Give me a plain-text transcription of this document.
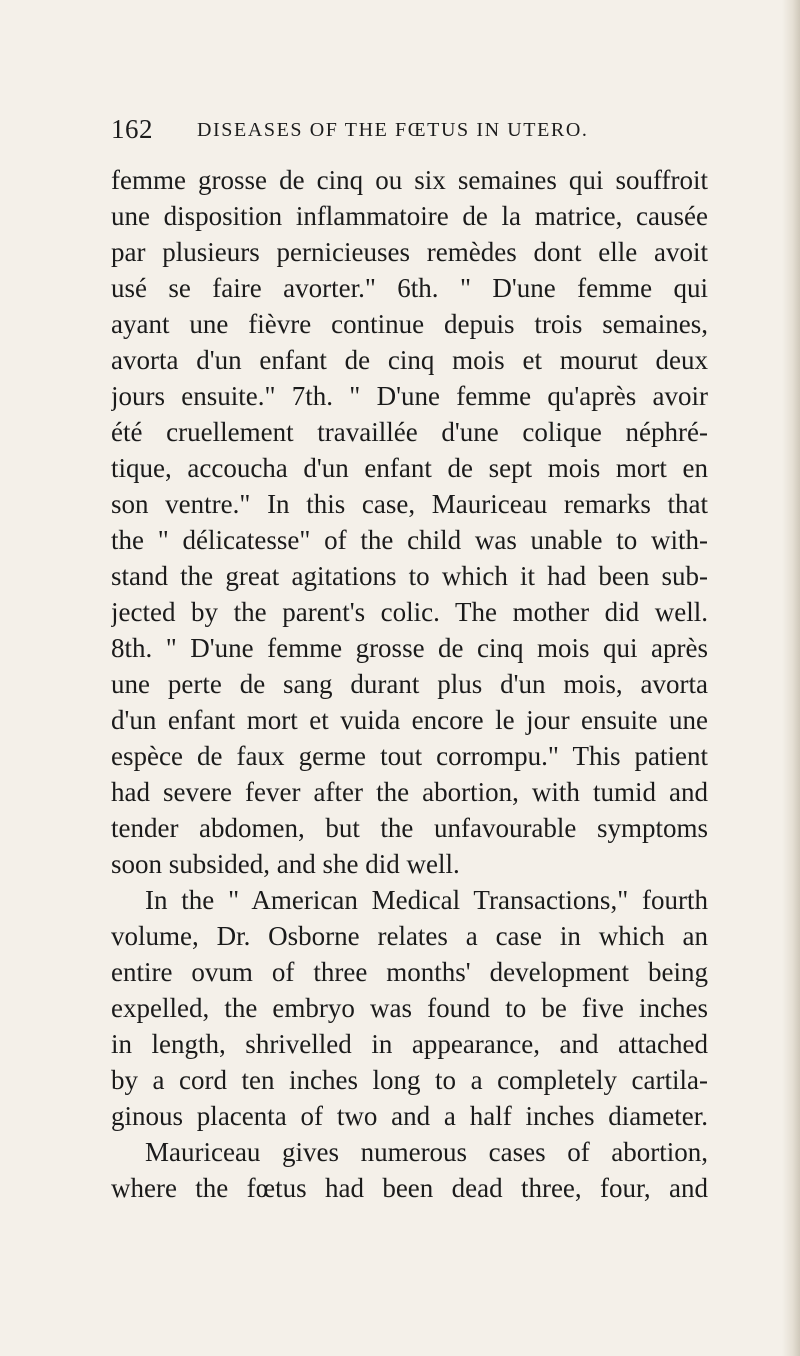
162 DISEASES OF THE FŒTUS IN UTERO.
femme grosse de cinq ou six semaines qui souffroit
une disposition inflammatoire de la matrice, causée
par plusieurs pernicieuses remèdes dont elle avoit
usé se faire avorter." 6th. " D'une femme qui
ayant une fièvre continue depuis trois semaines,
avorta d'un enfant de cinq mois et mourut deux
jours ensuite." 7th. " D'une femme qu'après avoir
été cruellement travaillée d'une colique néphré-
tique, accoucha d'un enfant de sept mois mort en
son ventre." In this case, Mauriceau remarks that
the " délicatesse" of the child was unable to with-
stand the great agitations to which it had been sub-
jected by the parent's colic. The mother did well.
8th. " D'une femme grosse de cinq mois qui après
une perte de sang durant plus d'un mois, avorta
d'un enfant mort et vuida encore le jour ensuite une
espèce de faux germe tout corrompu." This patient
had severe fever after the abortion, with tumid and
tender abdomen, but the unfavourable symptoms
soon subsided, and she did well.
In the " American Medical Transactions," fourth
volume, Dr. Osborne relates a case in which an
entire ovum of three months' development being
expelled, the embryo was found to be five inches
in length, shrivelled in appearance, and attached
by a cord ten inches long to a completely cartila-
ginous placenta of two and a half inches diameter.
Mauriceau gives numerous cases of abortion,
where the fœtus had been dead three, four, and
